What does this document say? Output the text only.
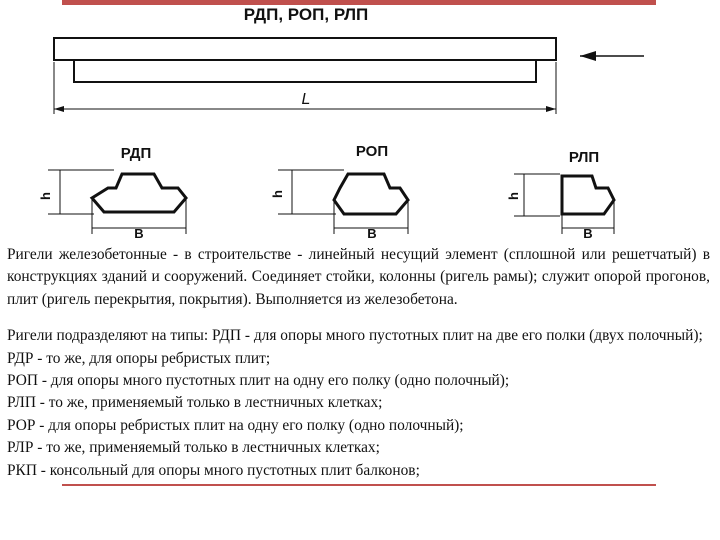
РДП, РОП, РЛП
L
РДП
h
B
РОП
h
B
РЛП
h
B

Ригели железобетонные - в строительстве - линейный несущий элемент (сплошной или решетчатый) в конструкциях зданий и сооружений. Соединяет стойки, колонны (ригель рамы); служит опорой прогонов, плит (ригель перекрытия, покрытия). Выполняется из железобетона.

Ригели подразделяют на типы: РДП - для опоры много пустотных плит на две его полки (двух полочный);

РДР - то же, для опоры ребристых плит;
РОП - для опоры много пустотных плит на одну его полку (одно полочный);
РЛП - то же, применяемый только в лестничных клетках;
РОР - для опоры ребристых плит на одну его полку (одно полочный);
РЛР - то же, применяемый только в лестничных клетках;
РКП - консольный для опоры много пустотных плит балконов;
